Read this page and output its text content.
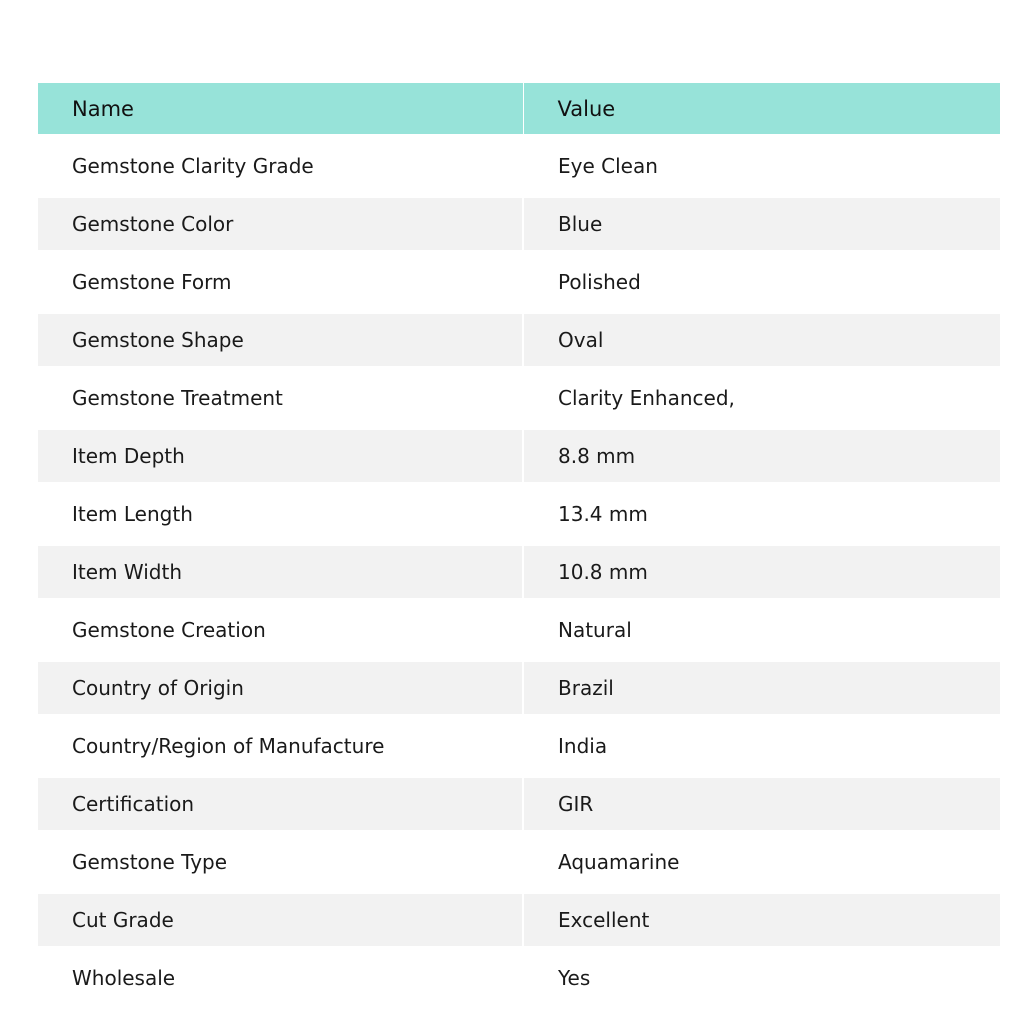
Name	Value
Gemstone Clarity Grade	Eye Clean
Gemstone Color	Blue
Gemstone Form	Polished
Gemstone Shape	Oval
Gemstone Treatment	Clarity Enhanced,
Item Depth	8.8 mm
Item Length	13.4 mm
Item Width	10.8 mm
Gemstone Creation	Natural
Country of Origin	Brazil
Country/Region of Manufacture	India
Certification	GIR
Gemstone Type	Aquamarine
Cut Grade	Excellent
Wholesale	Yes
